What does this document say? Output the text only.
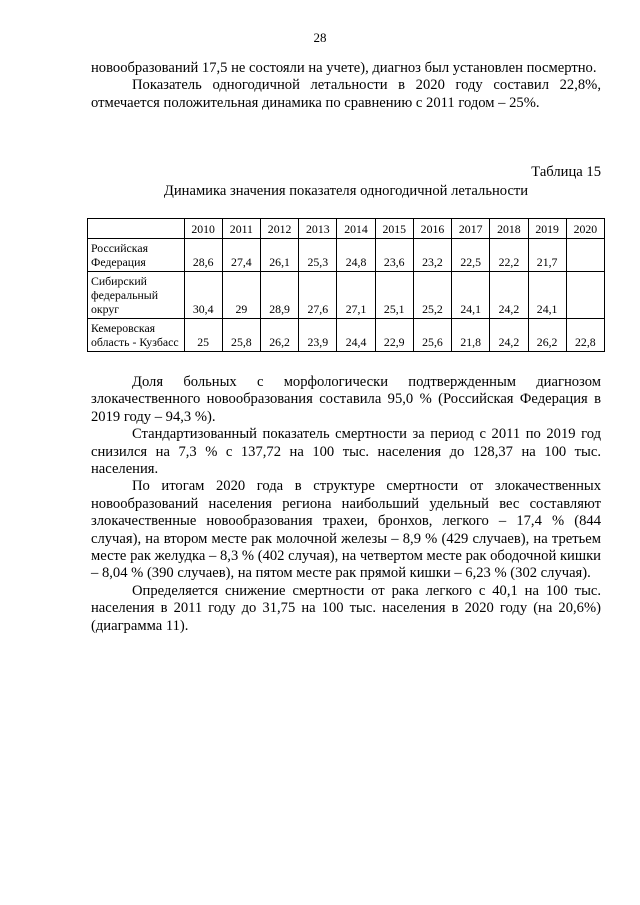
28

новообразований 17,5 не состояли на учете), диагноз был установлен посмертно.

Показатель одногодичной летальности в 2020 году составил 22,8%, отмечается положительная динамика по сравнению с 2011 годом – 25%.

Таблица 15
Динамика значения показателя одногодичной летальности
	2010	2011	2012	2013	2014	2015	2016	2017	2018	2019	2020
Российская Федерация	28,6	27,4	26,1	25,3	24,8	23,6	23,2	22,5	22,2	21,7	
Сибирский федеральный округ	30,4	29	28,9	27,6	27,1	25,1	25,2	24,1	24,2	24,1	
Кемеровская область - Кузбасс	25	25,8	26,2	23,9	24,4	22,9	25,6	21,8	24,2	26,2	22,8

Доля больных с морфологически подтвержденным диагнозом злокачественного новообразования составила 95,0 % (Российская Федерация в 2019 году – 94,3 %).

Стандартизованный показатель смертности за период с 2011 по 2019 год снизился на 7,3 % с 137,72 на 100 тыс. населения до 128,37 на 100 тыс. населения.

По итогам 2020 года в структуре смертности от злокачественных новообразований населения региона наибольший удельный вес составляют злокачественные новообразования трахеи, бронхов, легкого – 17,4 % (844 случая), на втором месте рак молочной железы – 8,9 % (429 случаев), на третьем месте рак желудка – 8,3 % (402 случая), на четвертом месте рак ободочной кишки – 8,04 % (390 случаев), на пятом месте рак прямой кишки – 6,23 % (302 случая).

Определяется снижение смертности от рака легкого с 40,1 на 100 тыс. населения в 2011 году до 31,75 на 100 тыс. населения в 2020 году (на 20,6%) (диаграмма 11).
